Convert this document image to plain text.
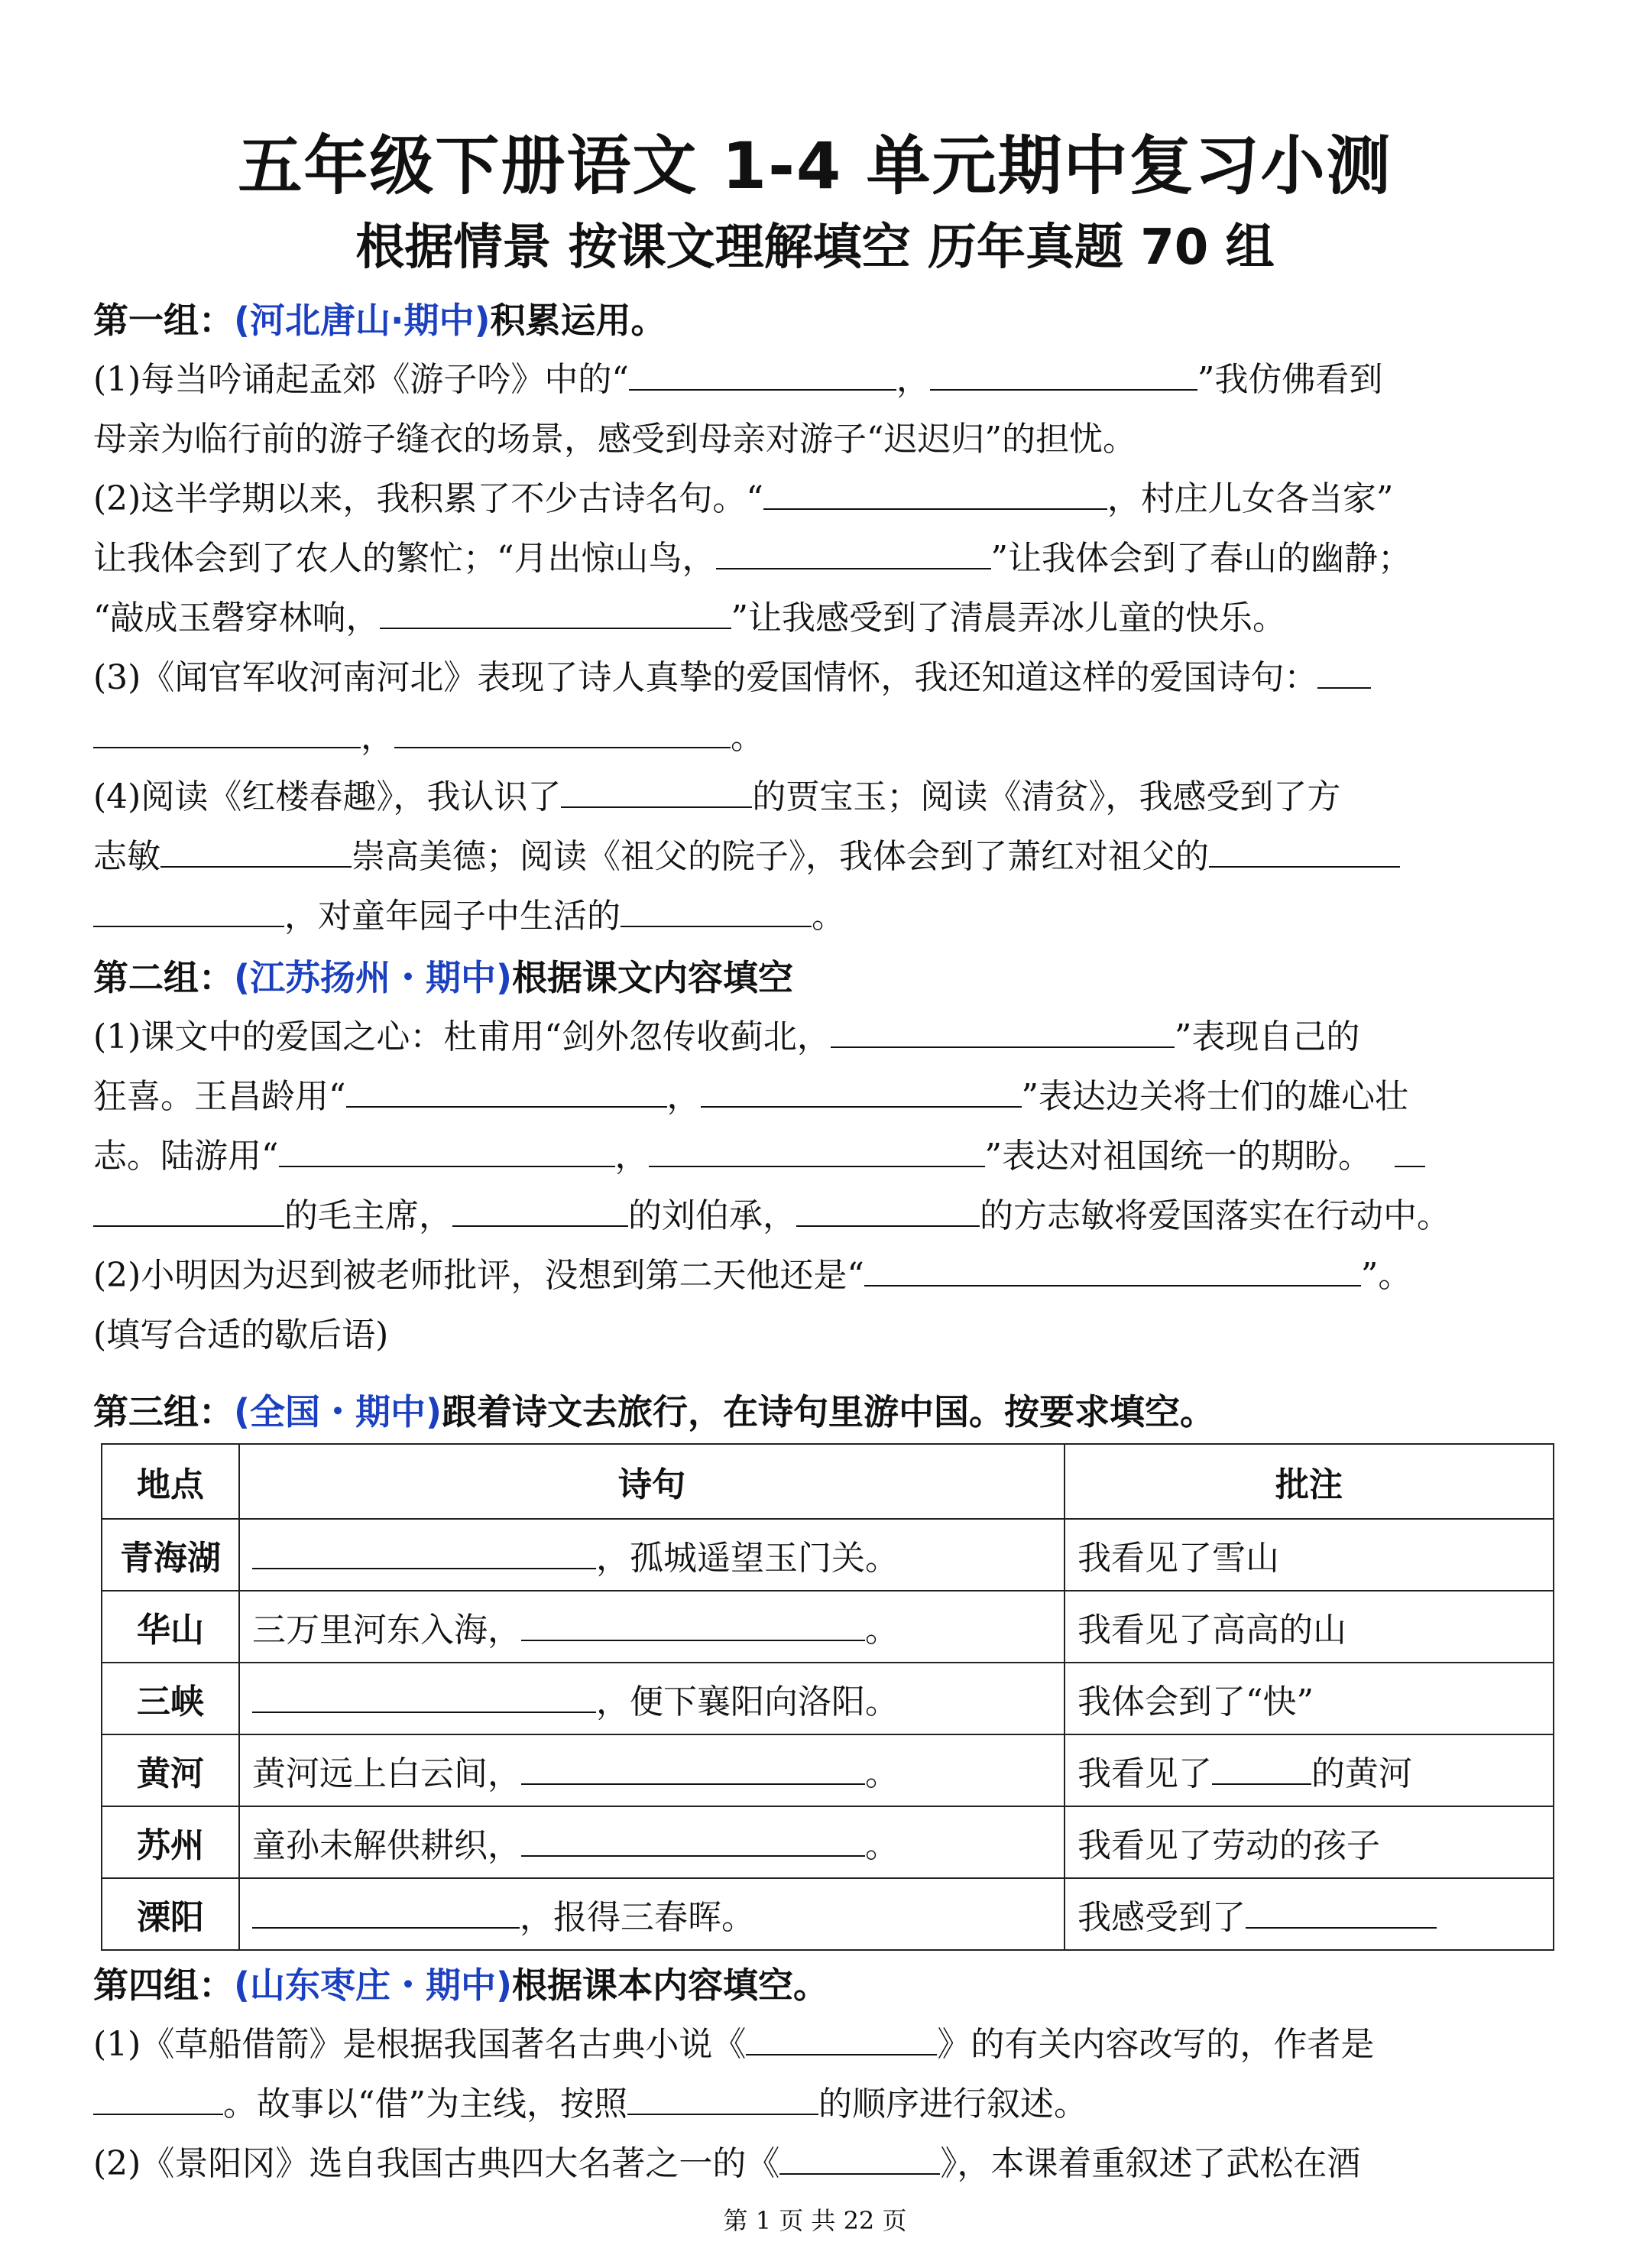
五年级下册语文 1-4 单元期中复习小测
根据情景 按课文理解填空 历年真题 70 组
第一组：(河北唐山·期中)积累运用。
(1)每当吟诵起孟郊《游子吟》中的“	，	”我仿佛看到
母亲为临行前的游子缝衣的场景，感受到母亲对游子“迟迟归”的担忧。
(2)这半学期以来，我积累了不少古诗名句。“	，村庄儿女各当家”
让我体会到了农人的繁忙；“月出惊山鸟，	”让我体会到了春山的幽静；
“敲成玉磬穿林响，	”让我感受到了清晨弄冰儿童的快乐。
(3)《闻官军收河南河北》表现了诗人真挚的爱国情怀，我还知道这样的爱国诗句：
，	。
(4)阅读《红楼春趣》，我认识了	的贾宝玉；阅读《清贫》，我感受到了方
志敏	崇高美德；阅读《祖父的院子》，我体会到了萧红对祖父的
，对童年园子中生活的	。
第二组：(江苏扬州・期中)根据课文内容填空
(1)课文中的爱国之心：杜甫用“剑外忽传收蓟北，	”表现自己的
狂喜。王昌龄用“	，	”表达边关将士们的雄心壮
志。陆游用“	，	”表达对祖国统一的期盼。
的毛主席，	的刘伯承，	的方志敏将爱国落实在行动中。
(2)小明因为迟到被老师批评，没想到第二天他还是“	”。
(填写合适的歇后语)
第三组：(全国・期中)跟着诗文去旅行，在诗句里游中国。按要求填空。
地点	诗句	批注
青海湖	，孤城遥望玉门关。	我看见了雪山
华山	三万里河东入海， 。	我看见了高高的山
三峡	，便下襄阳向洛阳。	我体会到了“快”
黄河	黄河远上白云间， 。	我看见了 的黄河
苏州	童孙未解供耕织， 。	我看见了劳动的孩子
溧阳	，报得三春晖。	我感受到了
第四组：(山东枣庄・期中)根据课本内容填空。
(1)《草船借箭》是根据我国著名古典小说《	》的有关内容改写的，作者是
。故事以“借”为主线，按照	的顺序进行叙述。
(2)《景阳冈》选自我国古典四大名著之一的《	》，本课着重叙述了武松在酒
第 1 页 共 22 页
